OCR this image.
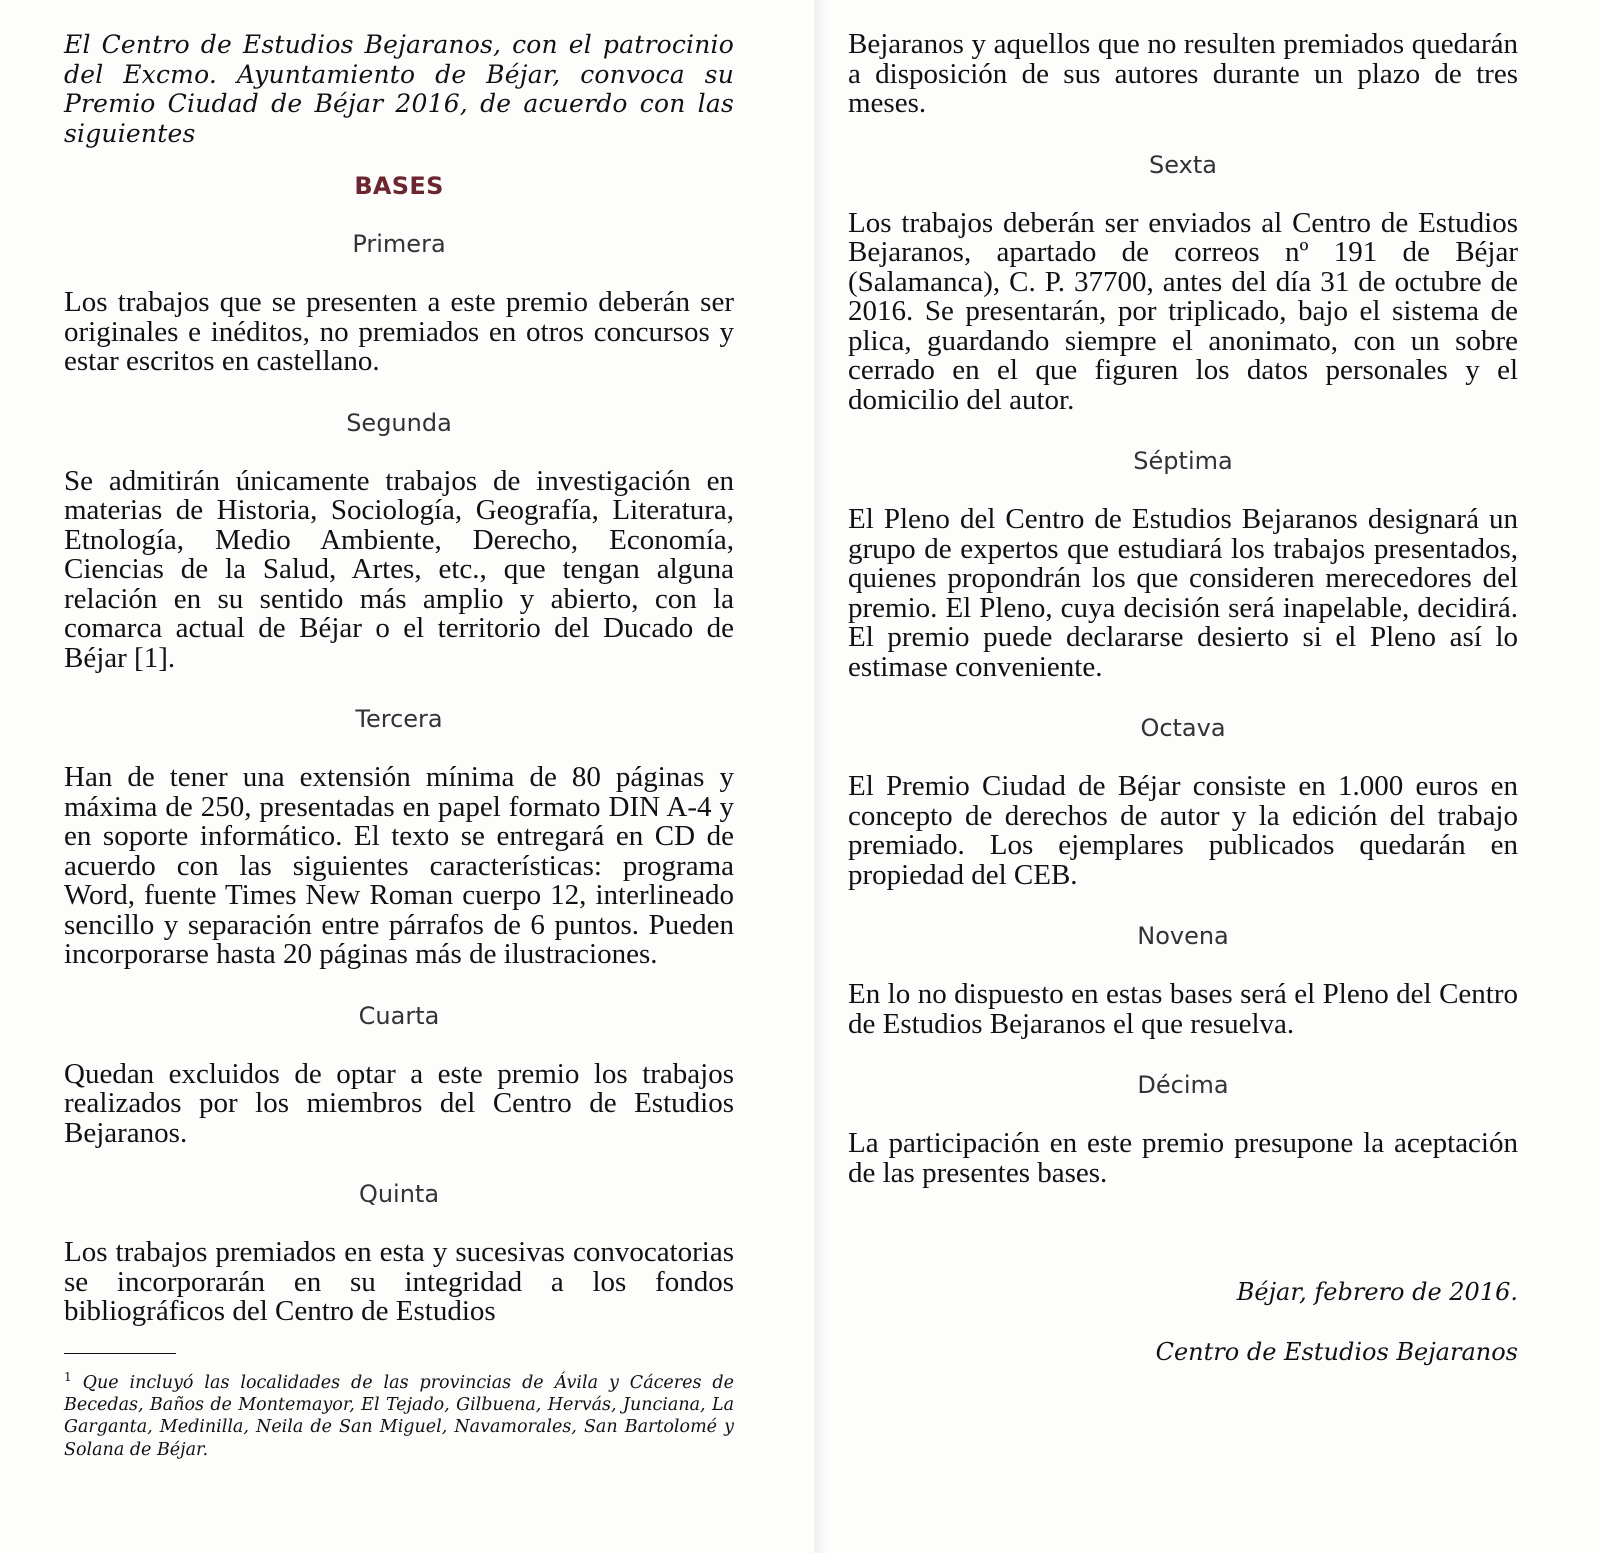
El Centro de Estudios Bejaranos, con el patrocinio del Excmo. Ayuntamiento de Béjar, convoca su Premio Ciudad de Béjar 2016, de acuerdo con las siguientes

BASES
Primera

Los trabajos que se presenten a este premio deberán ser originales e inéditos, no premiados en otros concursos y estar escritos en castellano.

Segunda

Se admitirán únicamente trabajos de investigación en materias de Historia, Sociología, Geografía, Literatura, Etnología, Medio Ambiente, Derecho, Economía, Ciencias de la Salud, Artes, etc., que tengan alguna relación en su sentido más amplio y abierto, con la comarca actual de Béjar o el territorio del Ducado de Béjar [1].

Tercera

Han de tener una extensión mínima de 80 páginas y máxima de 250, presentadas en papel formato DIN A-4 y en soporte informático. El texto se entregará en CD de acuerdo con las siguientes características: programa Word, fuente Times New Roman cuerpo 12, interlineado sencillo y separación entre párrafos de 6 puntos. Pueden incorporarse hasta 20 páginas más de ilustraciones.

Cuarta

Quedan excluidos de optar a este premio los trabajos realizados por los miembros del Centro de Estudios Bejaranos.

Quinta

Los trabajos premiados en esta y sucesivas convocatorias se incorporarán en su integridad a los fondos bibliográficos del Centro de Estudios

$^1$ Que incluyó las localidades de las provincias de Ávila y Cáceres de Becedas, Baños de Montemayor, El Tejado, Gilbuena, Hervás, Junciana, La Garganta, Medinilla, Neila de San Miguel, Navamorales, San Bartolomé y Solana de Béjar.

Bejaranos y aquellos que no resulten premiados quedarán a disposición de sus autores durante un plazo de tres meses.

Sexta

Los trabajos deberán ser enviados al Centro de Estudios Bejaranos, apartado de correos nº 191 de Béjar (Salamanca), C. P. 37700, antes del día 31 de octubre de 2016. Se presentarán, por triplicado, bajo el sistema de plica, guardando siempre el anonimato, con un sobre cerrado en el que figuren los datos personales y el domicilio del autor.

Séptima

El Pleno del Centro de Estudios Bejaranos designará un grupo de expertos que estudiará los trabajos presentados, quienes propondrán los que consideren merecedores del premio. El Pleno, cuya decisión será inapelable, decidirá. El premio puede declararse desierto si el Pleno así lo estimase conveniente.

Octava

El Premio Ciudad de Béjar consiste en 1.000 euros en concepto de derechos de autor y la edición del trabajo premiado. Los ejemplares publicados quedarán en propiedad del CEB.

Novena

En lo no dispuesto en estas bases será el Pleno del Centro de Estudios Bejaranos el que resuelva.

Décima

La participación en este premio presupone la aceptación de las presentes bases.

Béjar, febrero de 2016.

Centro de Estudios Bejaranos
